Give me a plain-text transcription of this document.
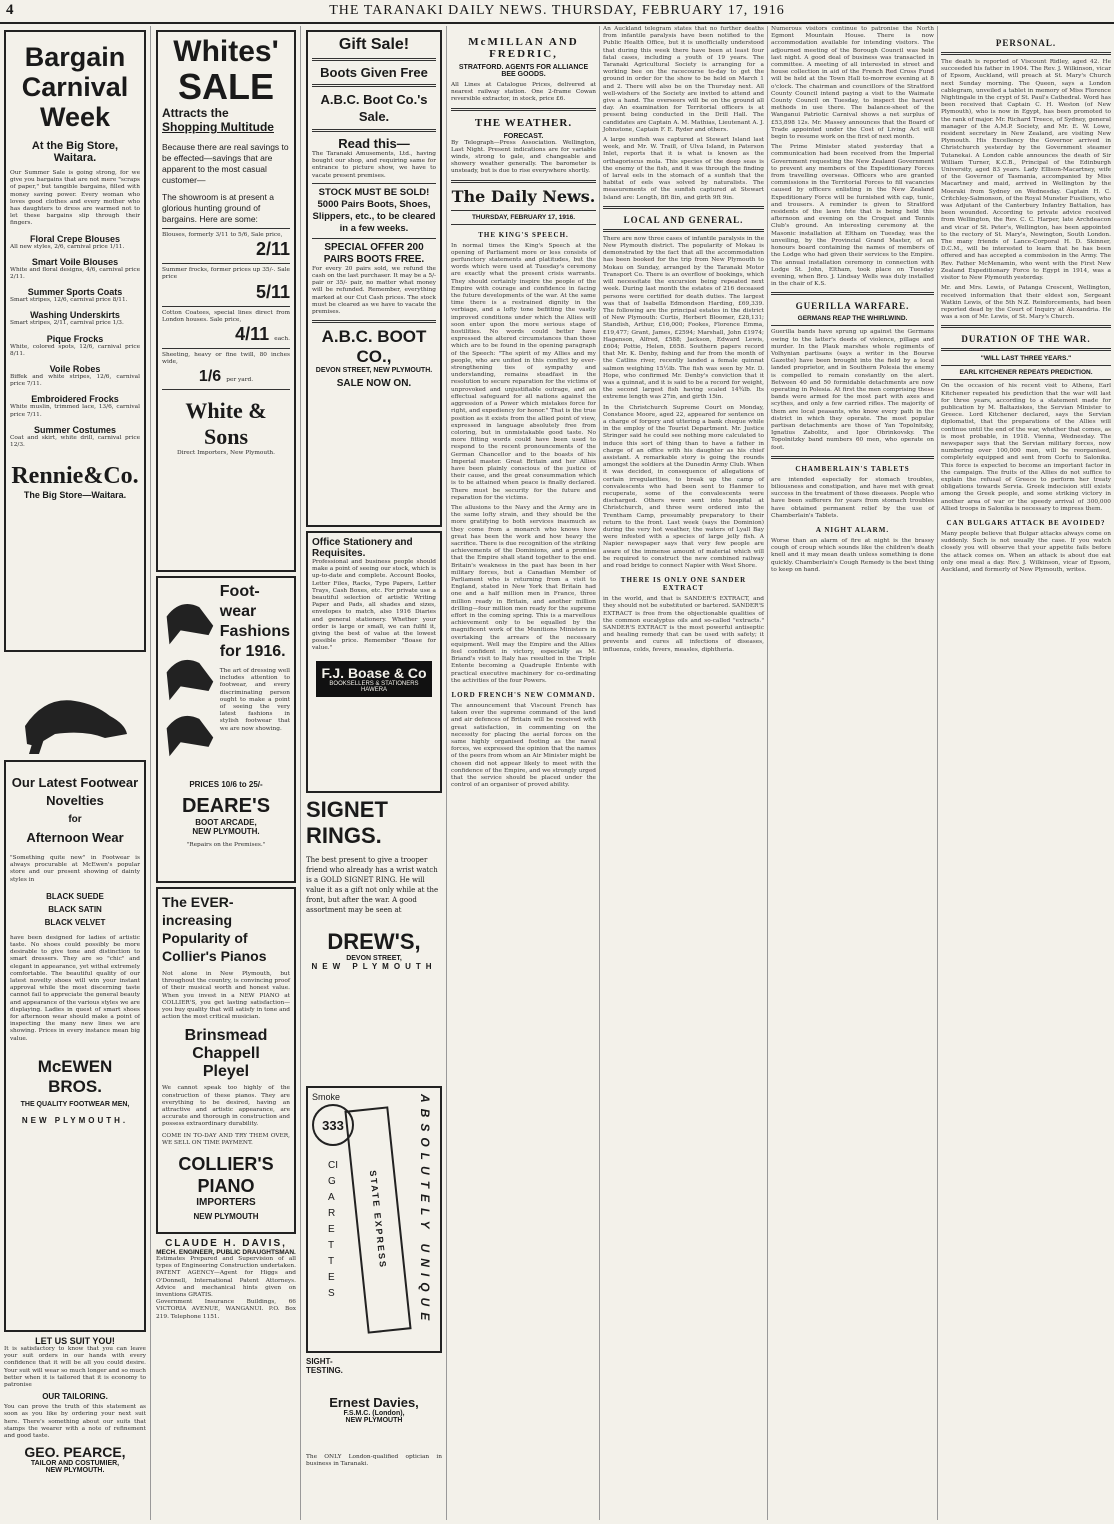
4	THE TARANAKI DAILY NEWS. THURSDAY, FEBRUARY 17, 1916
Bargain Carnival Week
At the Big Store, Waitara.
Our Summer Sale is going strong, for we give you bargains that are not mere "scraps of paper," but tangible bargains, filled with money saving power. Every woman who loves good clothes and every mother who has daughters to dress are warmed not to let these bargains slip through their fingers.
Floral Crepe Blouses
All new styles, 2/6, carnival price 1/11.
Smart Voile Blouses
White and floral designs, 4/6, carnival price 2/11.
Summer Sports Coats
Smart stripes, 12/6, carnival price 8/11.
Washing Underskirts
Smart stripes, 2/11, carnival price 1/3.
Pique Frocks
White, colored spots, 12/6, carnival price 8/11.
Voile Robes
Biffek and white stripes, 12/6, carnival price 7/11.
Embroidered Frocks
White muslin, trimmed lace, 13/6, carnival price 7/11.
Summer Costumes
Coat and skirt, white drill, carnival price 12/3.
Rennie&Co.
The Big Store—Waitara.
Our Latest Footwear Novelties
for
Afternoon Wear
"Something quite new" in Footwear is always procurable at McEwen's popular store and our present showing of dainty styles in
BLACK SUEDE
BLACK SATIN
BLACK VELVET
have been designed for ladies of artistic taste. No shoes could possibly be more desirable to give tone and distinction to smart dressers. They are so "chic" and elegant in appearance, yet withal extremely comfortable. The beautiful quality of our latest novelty shoes will win your instant approval while the most discerning taste cannot fail to appreciate the general beauty and appearance of the various styles we are displaying. Ladies in quest of smart shoes for afternoon wear should make a point of inspecting the many new lines we are showing. Prices in every instance mean big value.
McEWEN BROS.
THE QUALITY FOOTWEAR MEN,
NEW PLYMOUTH.
LET US SUIT YOU!
It is satisfactory to know that you can leave your suit orders in our hands with every confidence that it will be all you could desire. Your suit will wear so much longer and so much better when it is tailored that it is economy to patronise
OUR TAILORING.
You can prove the truth of this statement as soon as you like by ordering your next suit here. There's something about our suits that stamps the wearer with a note of refinement and good taste.
GEO. PEARCE,
TAILOR AND COSTUMIER,
NEW PLYMOUTH.
Whites'
SALE
Attracts the
Shopping Multitude
Because there are real savings to be effected—savings that are apparent to the most casual customer—
The showroom is at present a glorious hunting ground of bargains. Here are some:
Blouses, formerly 3/11 to 5/6, Sale price,
2/11
Summer frocks, former prices up 35/-. Sale price
5/11
Cotton Coatees, special lines direct from London houses. Sale price,
4/11 each.
Sheeting, heavy or fine twill, 80 inches wide,
1/6 per yard.
White & Sons
Direct Importers, New Plymouth.
Foot-wear Fashions for 1916.
The art of dressing well includes attention to footwear, and every discriminating person ought to make a point of seeing the very latest fashions in stylish footwear that we are now showing.
PRICES 10/6 to 25/-
DEARE'S
BOOT ARCADE,
NEW PLYMOUTH.
"Repairs on the Premises."
The EVER-increasing Popularity of Collier's Pianos
Not alone in New Plymouth, but throughout the country, is convincing proof of their musical worth and honest value. When you invest in a NEW PIANO at COLLIER'S, you get lasting satisfaction—you buy quality that will satisfy in tone and action the most critical musician.
Brinsmead
Chappell
Pleyel
We cannot speak too highly of the construction of these pianos. They are everything to be desired, having an attractive and artistic appearance, are accurate and thorough in construction and possess extraordinary durability.
COME IN TO-DAY AND TRY THEM OVER, WE SELL ON TIME PAYMENT.
COLLIER'S PIANO
IMPORTERS
NEW PLYMOUTH
CLAUDE H. DAVIS,
MECH. ENGINEER, PUBLIC DRAUGHTSMAN.
Estimates Prepared and Supervision of all types of Engineering Construction undertaken. PATENT AGENCY—Agent for Higgs and O'Donnell, International Patent Attorneys. Advice and mechanical hints given on inventions GRATIS.
Government Insurance Buildings, 66 VICTORIA AVENUE, WANGANUI. P.O. Box 219. Telephone 1151.
Gift Sale!
Boots Given Free
A.B.C. Boot Co.'s Sale.
Read this—
The Taranaki Amusements, Ltd., having bought our shop, and requiring same for entrance to picture show, we have to vacate present premises.
STOCK MUST BE SOLD! 5000 Pairs Boots, Shoes, Slippers, etc., to be cleared in a few weeks.
SPECIAL OFFER 200 PAIRS BOOTS FREE.
For every 20 pairs sold, we refund the cash on the last purchaser. It may be a 5/- pair or 35/- pair, no matter what money will be refunded. Remember, everything marked at our Cut Cash prices. The stock must be cleared as we have to vacate the premises.
A.B.C. BOOT CO.,
DEVON STREET, NEW PLYMOUTH.
SALE NOW ON.
Office Stationery and Requisites.
Professional and business people should make a point of seeing our stock, which is up-to-date and complete. Account Books, Letter Files, Racks, Type Papers, Letter Trays, Cash Boxes, etc. For private use a beautiful selection of artistic Writing Paper and Pads, all shades and sizes, envelopes to match, also 1916 Diaries and general stationery. Whether your order is large or small, we can fulfil it, giving the best of value at the lowest possible price. Remember "Boase for value."
F.J. Boase & Co
BOOKSELLERS & STATIONERS HAWERA
SIGNET RINGS.
The best present to give a trooper friend who already has a wrist watch is a GOLD SIGNET RING. He will value it as a gift not only while at the front, but after the war. A good assortment may be seen at
DREW'S,
DEVON STREET,
NEW PLYMOUTH
Smoke
333
CIGARETTES
STATE EXPRESS ABSOLUTELY UNIQUE
SIGHT-TESTING.
Ernest Davies,
F.S.M.C. (London),
NEW PLYMOUTH
The ONLY London-qualified optician in business in Taranaki.
McMILLAN AND FREDRIC,
STRATFORD. AGENTS FOR ALLIANCE BEE GOODS.
All Lines at Catalogue Prices, delivered at nearest railway station. One 2-frame Cowan reversible extractor, in stock, price £6.
THE WEATHER.
FORECAST.
By Telegraph—Press Association. Wellington, Last Night. Present indications are for variable winds, strong to gale, and changeable and showery weather generally. The barometer is unsteady, but is due to rise everywhere shortly.
The Daily News.
THURSDAY, FEBRUARY 17, 1916.
THE KING'S SPEECH.
In normal times the King's Speech at the opening of Parliament more or less consists of perfunctory statements and platitudes, but the words which were used at Tuesday's ceremony are exactly what the present crisis warrants. They should certainly inspire the people of the Empire with courage and confidence in facing the future developments of the war. At the same time there is a restrained dignity in the verbiage, and a lofty tone befitting the vastly improved conditions under which the Allies will soon enter upon the more serious stage of hostilities. No words could better have expressed the altered circumstances than those which are to be found in the opening paragraph of the Speech: "The spirit of my Allies and my people, who are united in this conflict by ever-strengthening ties of sympathy and understanding, remains steadfast in the resolution to secure reparation for the victims of unprovoked and unjustifiable outrage, and an effectual safeguard for all nations against the aggression of a Power which mistakes force for right, and expediency for honor." That is the true position as it exists from the allied point of view, expressed in language absolutely free from coloring, but in unmistakable good taste. No more fitting words could have been used to respond to the recent pronouncements of the German Chancellor and to the boasts of his Imperial master. Great Britain and her Allies have been plainly conscious of the justice of their cause, and the great consummation which is to be attained when peace is finally declared. There must be security for the future and reparation for the victims.
The allusions to the Navy and the Army are in the same lofty strain, and they should be the more gratifying to both services inasmuch as they come from a monarch who knows how great has been the work and how heavy the sacrifice. There is due recognition of the striking achievements of the Dominions, and a promise that the Empire shall stand together to the end. Britain's weakness in the past has been in her military forces, but a Canadian Member of Parliament who is returning from a visit to England, stated in New York that Britain had one and a half million men in France, three million ready in Britain, and another million drilling—four million men ready for the supreme effort in the coming spring. This is a marvellous achievement only to be equalled by the magnificent work of the Munitions Ministers in overtaking the arrears of the necessary equipment. Well may the Empire and the Allies feel confident in victory, especially as M. Briand's visit to Italy has resulted in the Triple Entente becoming a Quadruple Entente with practical executive machinery for co-ordinating the activities of the four Powers.
LORD FRENCH'S NEW COMMAND.
The announcement that Viscount French has taken over the supreme command of the land and air defences of Britain will be received with great satisfaction, in commenting on the necessity for placing the aerial forces on the same highly organised footing as the naval forces, we expressed the opinion that the names of the peers from whom an Air Minister might be chosen did not appear likely to meet with the confidence of the Empire, and we strongly urged that the service should be placed under the control of an organiser of proved ability.
An Auckland telegram states that no further deaths from infantile paralysis have been notified to the Public Health Office, but it is unofficially understood that during this week there have been at least four fatal cases, including a youth of 19 years. The Taranaki Agricultural Society is arranging for a working bee on the racecourse to-day to get the ground in order for the show to be held on March 1 and 2. There will also be on the Thursday next. All well-wishers of the Society are invited to attend and give a hand. The overseers will be on the ground all day. An examination for Territorial officers is at present being conducted in the Drill Hall. The candidates are Captain A. M. Mathias, Lieutenant A. J. Johnstone, Captain F. E. Ryder and others.
A large sunfish was captured at Stewart Island last week, and Mr. W. Traill, of Ulva Island, in Paterson Inlet, reports that it is what is known as the orthagoriscus mola. This species of the deep seas is the enemy of the fish, and it was through the finding of larval eels in the stomach of a sunfish that the habitat of eels was solved by naturalists. The measurements of the sunfish captured at Stewart Island are: Length, 8ft 8in, and girth 9ft 9in.
LOCAL AND GENERAL.
There are now three cases of infantile paralysis in the New Plymouth district. The popularity of Mokau is demonstrated by the fact that all the accommodation has been booked for the trip from New Plymouth to Mokau on Sunday, arranged by the Taranaki Motor Transport Co. There is an overflow of bookings, which will necessitate the excursion being repeated next week. During last month the estates of 216 deceased persons were certified for death duties. The largest was that of Isabella Edmondson Harding, £69,339. The following are the principal estates in the district of New Plymouth: Curtis, Herbert Bloomer, £28,131; Standish, Arthur, £16,000; Fookes, Florence Emma, £19,477; Grant, James, £2594; Marshall, John £1974; Hagenson, Alfred, £588; Jackson, Edward Lewis, £604; Pottie, Helen, £658. Southern papers record that Mr. K. Denby, fishing and fur from the month of the Catlins river, recently landed a female quinnat salmon weighing 15½lb. The fish was seen by Mr. D. Hope, who confirmed Mr. Denby's conviction that it was a quinnat, and it is said to be a record for weight, the second largest fish having scaled 14¾lb. Its extreme length was 27in, and girth 15in.
In the Christchurch Supreme Court on Monday, Constance Moore, aged 22, appeared for sentence on a charge of forgery and uttering a bank cheque while in the employ of the Tourist Department. Mr. Justice Stringer said he could see nothing more calculated to induce this sort of thing than to have a father in charge of an office with his daughter as his chief assistant. A remarkable story is going the rounds amongst the soldiers at the Dunedin Army Club. When it was decided, in consequence of allegations of certain irregularities, to break up the camp of convalescents who had been sent to Hanmer to recuperate, some of the convalescents were discharged. Others were sent into hospital at Christchurch, and three were ordered into the Trentham Camp, presumably preparatory to their return to the front. Last week (says the Dominion) during the very hot weather, the waters of Lyall Bay were infested with a species of large jelly fish. A Napier newspaper says that very few people are aware of the immense amount of material which will be required to construct the new combined railway and road bridge to connect Napier with West Shore.
THERE IS ONLY ONE SANDER EXTRACT
in the world, and that is SANDER'S EXTRACT, and they should not be substituted or bartered. SANDER'S EXTRACT is free from the objectionable qualities of the common eucalyptus oils and so-called "extracts." SANDER'S EXTRACT is the most powerful antiseptic and healing remedy that can be used with safety; it prevents and cures all infections of diseases, influenza, colds, fevers, measles, diphtheria.
Numerous visitors continue to patronise the North Egmont Mountain House. There is now accommodation available for intending visitors. The adjourned meeting of the Borough Council was held last night. A good deal of business was transacted in committee. A meeting of all interested in street and house collection in aid of the French Red Cross Fund will be held at the Town Hall to-morrow evening at 8 o'clock. The chairman and councillors of the Stratford County Council intend paying a visit to the Waimate County Council on Tuesday, to inspect the harvest methods in use there. The balance-sheet of the Wanganui Patriotic Carnival shows a net surplus of £53,898 12s. Mr. Massey announces that the Board of Trade appointed under the Cost of Living Act will begin to resume work on the first of next month.
The Prime Minister stated yesterday that a communication had been received from the Imperial Government requesting the New Zealand Government to prevent any members of the Expeditionary Forces from travelling overseas. Officers who are granted commissions in the Territorial Forces to fill vacancies caused by officers enlisting in the New Zealand Expeditionary Force will be furnished with cap, tunic, and trousers. A reminder is given to Stratford residents of the lawn fete that is being held this afternoon and evening on the Croquet and Tennis Club's ground. An interesting ceremony at the Masonic installation at Eltham on Tuesday, was the unveiling, by the Provincial Grand Master, of an honours board containing the names of members of the Lodge who had given their services to the Empire. The annual installation ceremony in connection with Lodge St. John, Eltham, took place on Tuesday evening, when Bro. J. Lindsay Wells was duly installed in the chair of K.S.
GUERILLA WARFARE.
GERMANS REAP THE WHIRLWIND.
Guerilla bands have sprung up against the Germans owing to the latter's deeds of violence, pillage and murder. In the Plauk marshes whole regiments of Volhynian partisans (says a writer in the Bourse Gazette) have been brought into the field by a local landed proprietor, and in Southern Polesia the enemy is compelled to remain constantly on the alert. Between 40 and 50 formidable detachments are now operating in Polesia. At first the men comprising these bands were armed for the most part with axes and scythes, and only a few carried rifles. The majority of them are local peasants, who know every path in the district in which they operate. The most popular partisan detachments are those of Yan Topolnitsky, Ignatius Zabolitz, and Igor Obrinkovsky. The Topolnitzky band numbers 60 men, who operate on foot.
CHAMBERLAIN'S TABLETS
are intended especially for stomach troubles, biliousness and constipation, and have met with great success in the treatment of those diseases. People who have been sufferers for years from stomach troubles have obtained permanent relief by the use of Chamberlain's Tablets.
A NIGHT ALARM.
Worse than an alarm of fire at night is the brassy cough of croup which sounds like the children's death knell and it may mean death unless something is done quickly. Chamberlain's Cough Remedy is the best thing to keep on hand.
PERSONAL.
The death is reported of Viscount Ridley, aged 42. He succeeded his father in 1904. The Rev. J. Wilkinson, vicar of Epsom, Auckland, will preach at St. Mary's Church next Sunday morning. The Queen, says a London cablegram, unveiled a tablet in memory of Miss Florence Nightingale in the crypt of St. Paul's Cathedral. Word has been received that Captain C. H. Weston (of New Plymouth), who is now in Egypt, has been promoted to the rank of major. Mr. Richard Treece, of Sydney, general manager of the A.M.P. Society, and Mr. E. W. Lowe, resident secretary in New Zealand, are visiting New Plymouth. His Excellency the Governor arrived in Christchurch yesterday by the Government steamer Tutanekai. A London cable announces the death of Sir William Turner, K.C.B., Principal of the Edinburgh University, aged 83 years. Lady Ellison-Macartney, wife of the Governor of Tasmania, accompanied by Miss Macartney and maid, arrived in Wellington by the Moeraki from Sydney on Wednesday. Captain H. C. Critchley-Salmonson, of the Royal Munster Fusiliers, who was Adjutant of the Canterbury Infantry Battalion, has been wounded. According to private advice received from Wellington, the Rev. C. C. Harper, late Archdeacon and vicar of St. Peter's, Wellington, has been appointed to the rectory of St. Mary's, Newington, South London. The many friends of Lance-Corporal H. D. Skinner, D.C.M., will be interested to learn that he has been offered and has accepted a commission in the Army. The Rev. Father McMenamin, who went with the First New Zealand Expeditionary Force to Egypt in 1914, was a visitor to New Plymouth yesterday.
Mr. and Mrs. Lewis, of Patanga Crescent, Wellington, received information that their eldest son, Sergeant Watkin Lewis, of the 5th N.Z. Reinforcements, had been reported dead by the Court of Inquiry at Alexandria. He was a son of Mr. Lewis, of St. Mary's Church.
DURATION OF THE WAR.
"WILL LAST THREE YEARS."
EARL KITCHENER REPEATS PREDICTION.
On the occasion of his recent visit to Athens, Earl Kitchener repeated his prediction that the war will last for three years, according to a statement made for publication by M. Baltaziskes, the Servian Minister to Greece. Lord Kitchener declared, says the Servian diplomatist, that the preparations of the Allies will continue until the end of the war, whether that comes, as is most probable, in 1918. Vienna, Wednesday. The newspaper says that the Servian military forces, now numbering over 100,000 men, will be reorganised, completely equipped and sent from Corfu to Salonika. This force is expected to become an important factor in the campaign. The fruits of the Allies do not suffice to explain the refusal of Greece to perform her treaty obligations towards Servia. Greek indecision still exists among the Greek people, and some striking victory in another area of war or the speedy arrival of 300,000 Allied troops in Salonika is necessary to impress them.
CAN BULGARS ATTACK BE AVOIDED?
Many people believe that Bulgar attacks always come on suddenly. Such is not usually the case. If you watch closely you will observe that your appetite fails before the attack comes on. When an attack is about due eat only one meal a day. Rev. J. Wilkinson, vicar of Epsom, Auckland, and formerly of New Plymouth, writes.
